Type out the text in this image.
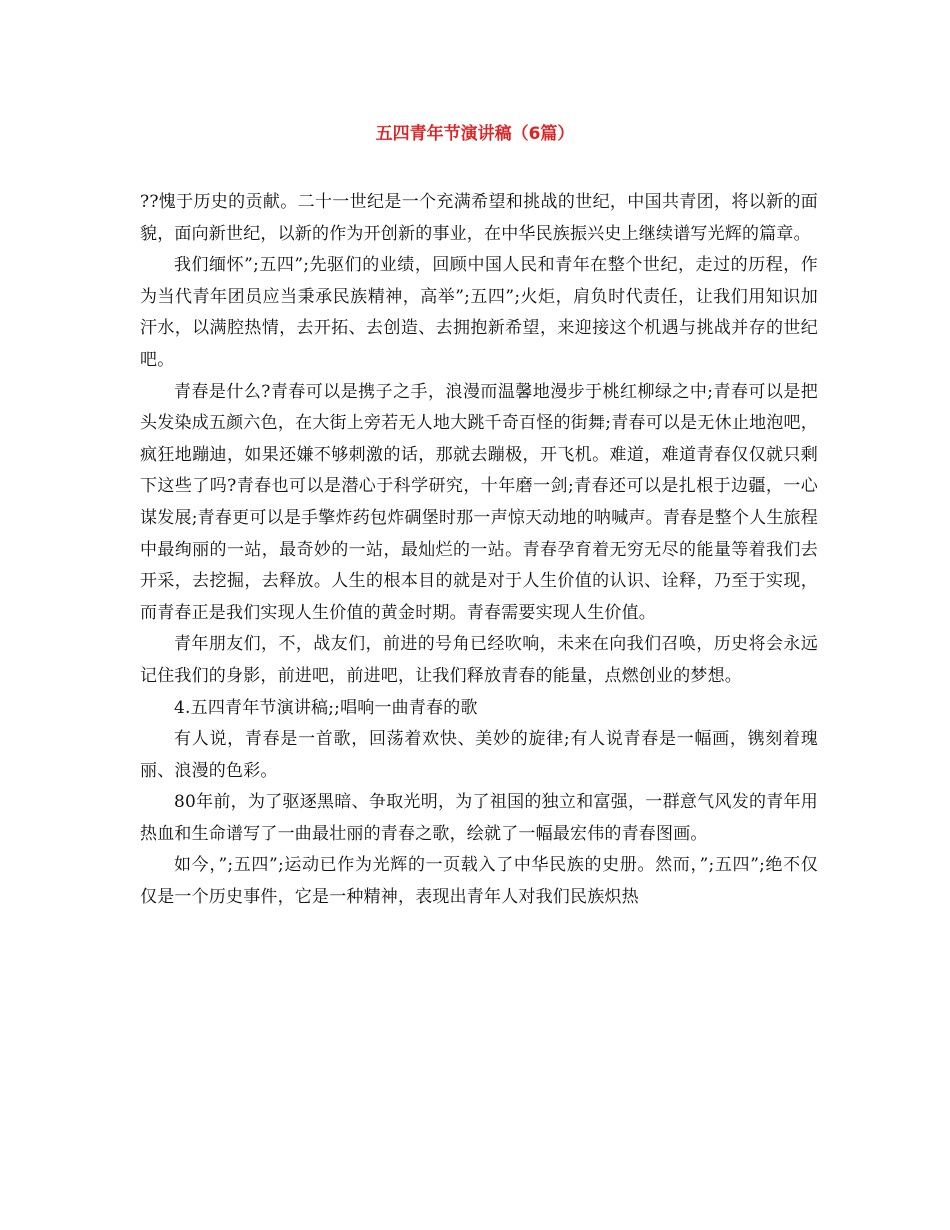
五四青年节演讲稿（6篇）

??愧于历史的贡献。二十一世纪是一个充满希望和挑战的世纪，中国共青团，将以新的面貌，面向新世纪，以新的作为开创新的事业，在中华民族振兴史上继续谱写光辉的篇章。

我们缅怀”;五四”;先驱们的业绩，回顾中国人民和青年在整个世纪，走过的历程，作为当代青年团员应当秉承民族精神，高举”;五四”;火炬，肩负时代责任，让我们用知识加汗水，以满腔热情，去开拓、去创造、去拥抱新希望，来迎接这个机遇与挑战并存的世纪吧。

青春是什么?青春可以是携子之手，浪漫而温馨地漫步于桃红柳绿之中;青春可以是把头发染成五颜六色，在大街上旁若无人地大跳千奇百怪的街舞;青春可以是无休止地泡吧，疯狂地蹦迪，如果还嫌不够刺激的话，那就去蹦极，开飞机。难道，难道青春仅仅就只剩下这些了吗?青春也可以是潜心于科学研究，十年磨一剑;青春还可以是扎根于边疆，一心谋发展;青春更可以是手擎炸药包炸碉堡时那一声惊天动地的呐喊声。青春是整个人生旅程中最绚丽的一站，最奇妙的一站，最灿烂的一站。青春孕育着无穷无尽的能量等着我们去开采，去挖掘，去释放。人生的根本目的就是对于人生价值的认识、诠释，乃至于实现，而青春正是我们实现人生价值的黄金时期。青春需要实现人生价值。

青年朋友们，不，战友们，前进的号角已经吹响，未来在向我们召唤，历史将会永远记住我们的身影，前进吧，前进吧，让我们释放青春的能量，点燃创业的梦想。

4.五四青年节演讲稿;;唱响一曲青春的歌

有人说，青春是一首歌，回荡着欢快、美妙的旋律;有人说青春是一幅画，镌刻着瑰丽、浪漫的色彩。

80年前，为了驱逐黑暗、争取光明，为了祖国的独立和富强，一群意气风发的青年用热血和生命谱写了一曲最壮丽的青春之歌，绘就了一幅最宏伟的青春图画。

如今，”;五四”;运动已作为光辉的一页载入了中华民族的史册。然而，”;五四”;绝不仅仅是一个历史事件，它是一种精神，表现出青年人对我们民族炽热
